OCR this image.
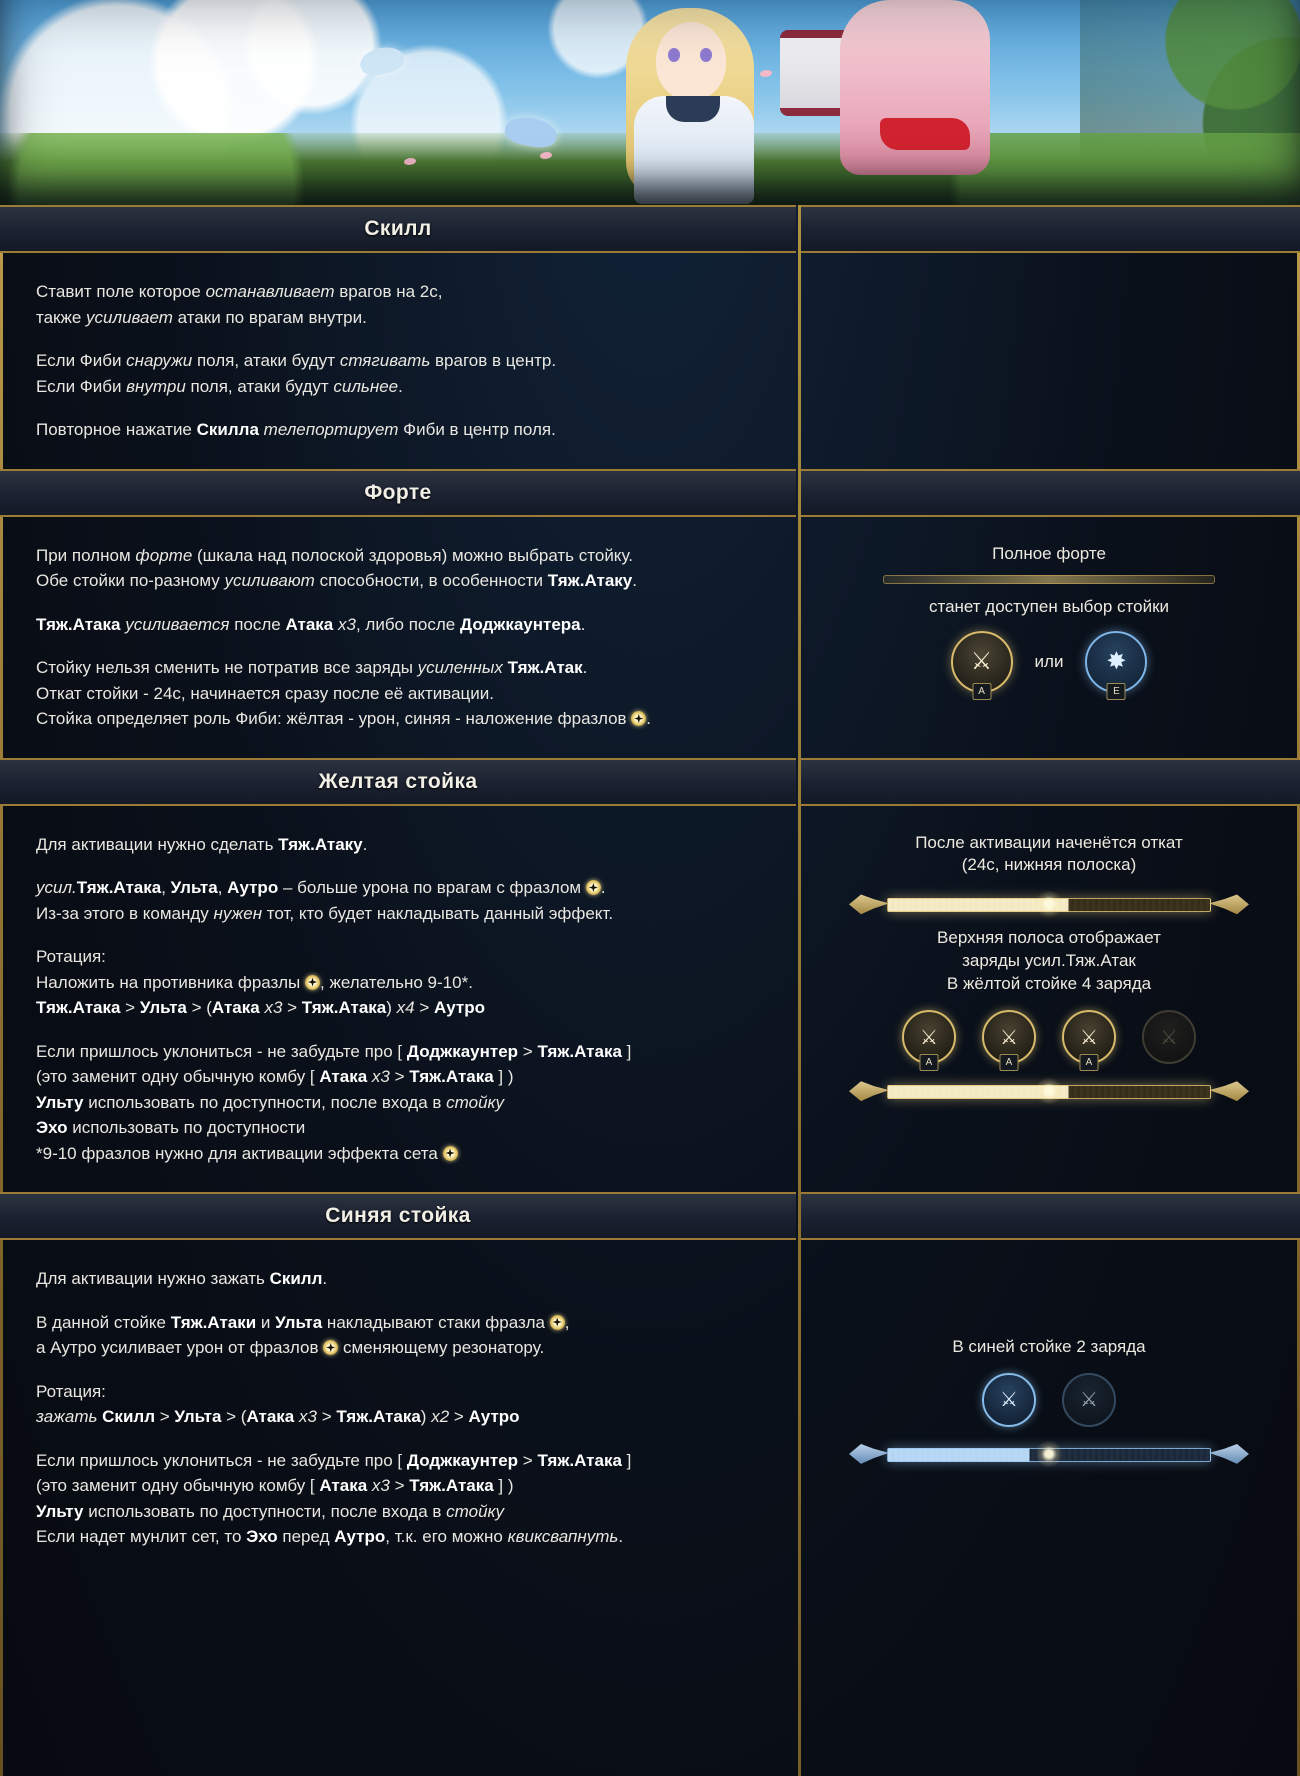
Скилл

Ставит поле которое останавливает врагов на 2с,
также усиливает атаки по врагам внутри.

Если Фиби снаружи поля, атаки будут стягивать врагов в центр.
Если Фиби внутри поля, атаки будут сильнее.

Повторное нажатие Скилла телепортирует Фиби в центр поля.

Форте

При полном форте (шкала над полоской здоровья) можно выбрать стойку.
Обе стойки по-разному усиливают способности, в особенности Тяж.Атаку.

Тяж.Атака усиливается после Атака х3, либо после Доджкаунтера.

Стойку нельзя сменить не потратив все заряды усиленных Тяж.Атак.
Откат стойки - 24с, начинается сразу после её активации.
Стойка определяет роль Фиби: жёлтая - урон, синяя - наложение фразлов .

Полное форте
станет доступен выбор стойки
⚔
A
или ✸
E
Желтая стойка

Для активации нужно сделать Тяж.Атаку.

усил.Тяж.Атака, Ульта, Аутро – больше урона по врагам с фразлом .
Из-за этого в команду нужен тот, кто будет накладывать данный эффект.

Ротация:
Наложить на противника фразлы , желательно 9-10*.
Тяж.Атака > Ульта > (Атака х3 > Тяж.Атака) х4 > Аутро

Если пришлось уклониться - не забудьте про [ Доджкаунтер > Тяж.Атака ]
(это заменит одну обычную комбу [ Атака х3 > Тяж.Атака ] )
Ульту использовать по доступности, после входа в стойку
Эхо использовать по доступности
*9-10 фразлов нужно для активации эффекта сета

После активации наченётся откат
(24с, нижняя полоска)
Верхняя полоса отображает
заряды усил.Тяж.Атак
В жёлтой стойке 4 заряда
⚔
A
⚔
A
⚔
A
⚔
Синяя стойка

Для активации нужно зажать Скилл.

В данной стойке Тяж.Атаки и Ульта накладывают стаки фразла ,
а Аутро усиливает урон от фразлов  сменяющему резонатору.

Ротация:
зажать Скилл > Ульта > (Атака х3 > Тяж.Атака) х2 > Аутро

Если пришлось уклониться - не забудьте про [ Доджкаунтер > Тяж.Атака ]
(это заменит одну обычную комбу [ Атака х3 > Тяж.Атака ] )
Ульту использовать по доступности, после входа в стойку
Если надет мунлит сет, то Эхо перед Аутро, т.к. его можно квиксвапнуть.

В синей стойке 2 заряда
⚔	⚔
